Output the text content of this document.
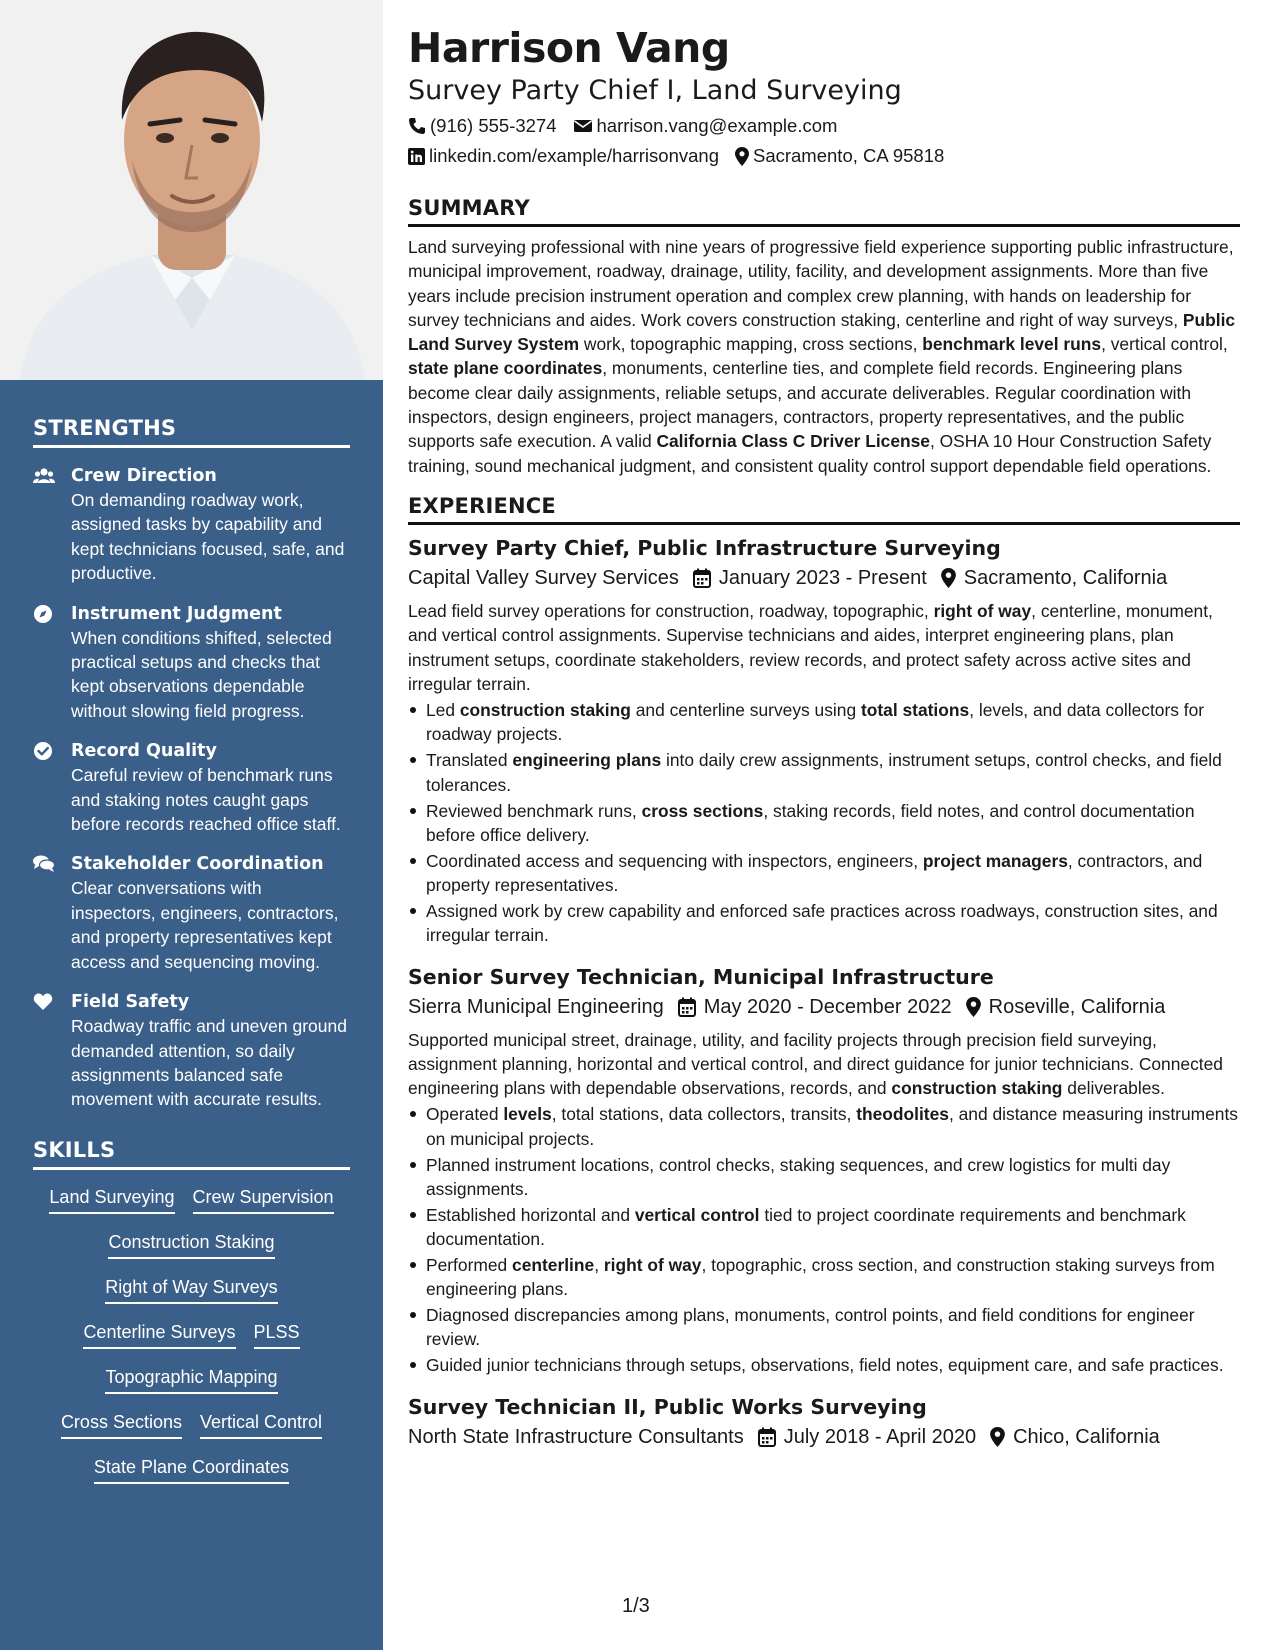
STRENGTHS
Crew Direction
On demanding roadway work, assigned tasks by capability and kept technicians focused, safe, and productive.
Instrument Judgment
When conditions shifted, selected practical setups and checks that kept observations dependable without slowing field progress.
Record Quality
Careful review of benchmark runs and staking notes caught gaps before records reached office staff.
Stakeholder Coordination
Clear conversations with inspectors, engineers, contractors, and property representatives kept access and sequencing moving.
Field Safety
Roadway traffic and uneven ground demanded attention, so daily assignments balanced safe movement with accurate results.
SKILLS
Land Surveying Crew Supervision
Construction Staking
Right of Way Surveys
Centerline Surveys PLSS
Topographic Mapping
Cross Sections Vertical Control
State Plane Coordinates
Harrison Vang
Survey Party Chief I, Land Surveying
(916) 555-3274 harrison.vang@example.com
linkedin.com/example/harrisonvang Sacramento, CA 95818
SUMMARY
Land surveying professional with nine years of progressive field experience supporting public infrastructure, municipal improvement, roadway, drainage, utility, facility, and development assignments. More than five years include precision instrument operation and complex crew planning, with hands on leadership for survey technicians and aides. Work covers construction staking, centerline and right of way surveys, Public Land Survey System work, topographic mapping, cross sections, benchmark level runs, vertical control, state plane coordinates, monuments, centerline ties, and complete field records. Engineering plans become clear daily assignments, reliable setups, and accurate deliverables. Regular coordination with inspectors, design engineers, project managers, contractors, property representatives, and the public supports safe execution. A valid California Class C Driver License, OSHA 10 Hour Construction Safety training, sound mechanical judgment, and consistent quality control support dependable field operations.
EXPERIENCE
Survey Party Chief, Public Infrastructure Surveying
Capital Valley Survey Services January 2023 - Present Sacramento, California
Lead field survey operations for construction, roadway, topographic, right of way, centerline, monument, and vertical control assignments. Supervise technicians and aides, interpret engineering plans, plan instrument setups, coordinate stakeholders, review records, and protect safety across active sites and irregular terrain.
Led construction staking and centerline surveys using total stations, levels, and data collectors for roadway projects.
Translated engineering plans into daily crew assignments, instrument setups, control checks, and field tolerances.
Reviewed benchmark runs, cross sections, staking records, field notes, and control documentation before office delivery.
Coordinated access and sequencing with inspectors, engineers, project managers, contractors, and property representatives.
Assigned work by crew capability and enforced safe practices across roadways, construction sites, and irregular terrain.
Senior Survey Technician, Municipal Infrastructure
Sierra Municipal Engineering May 2020 - December 2022 Roseville, California
Supported municipal street, drainage, utility, and facility projects through precision field surveying, assignment planning, horizontal and vertical control, and direct guidance for junior technicians. Connected engineering plans with dependable observations, records, and construction staking deliverables.
Operated levels, total stations, data collectors, transits, theodolites, and distance measuring instruments on municipal projects.
Planned instrument locations, control checks, staking sequences, and crew logistics for multi day assignments.
Established horizontal and vertical control tied to project coordinate requirements and benchmark documentation.
Performed centerline, right of way, topographic, cross section, and construction staking surveys from engineering plans.
Diagnosed discrepancies among plans, monuments, control points, and field conditions for engineer review.
Guided junior technicians through setups, observations, field notes, equipment care, and safe practices.
Survey Technician II, Public Works Surveying
North State Infrastructure Consultants July 2018 - April 2020 Chico, California
1/3
